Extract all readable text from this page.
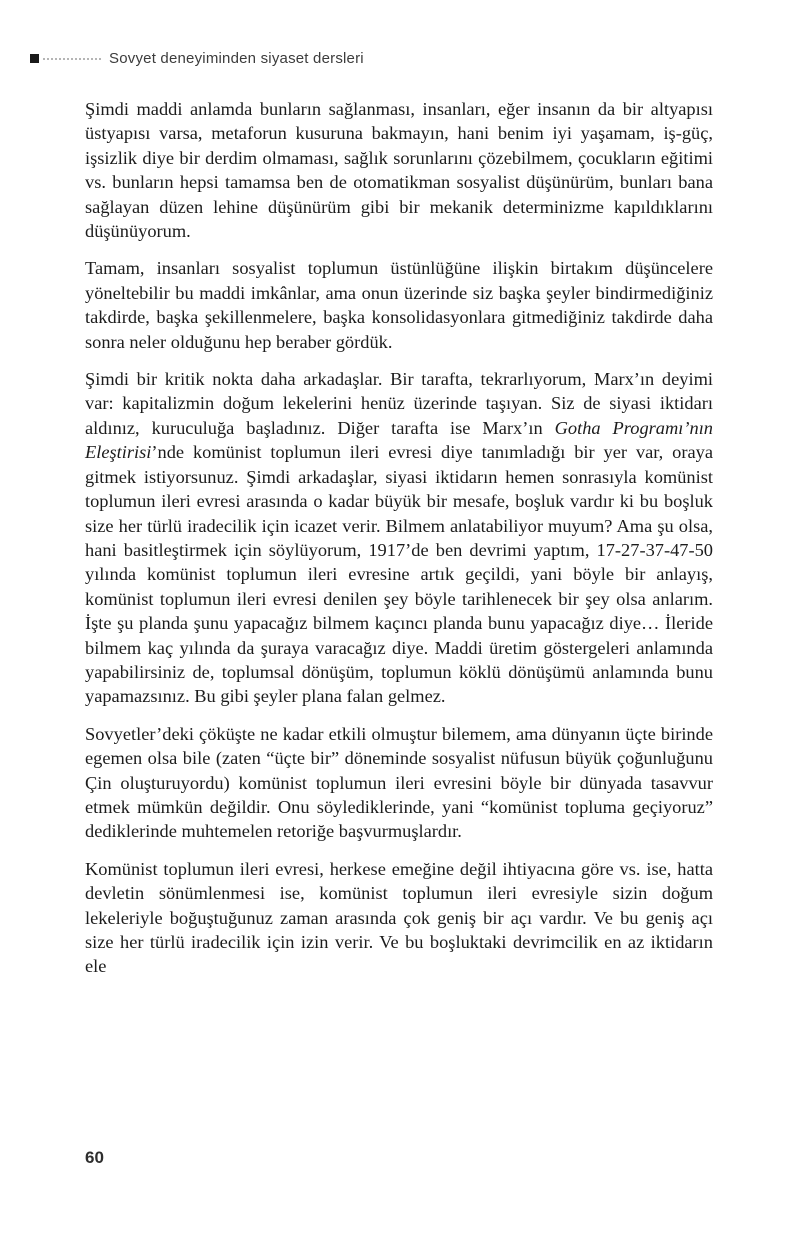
Sovyet deneyiminden siyaset dersleri

Şimdi maddi anlamda bunların sağlanması, insanları, eğer insanın da bir altyapısı üstyapısı varsa, metaforun kusuruna bakmayın, hani benim iyi yaşamam, iş-güç, işsizlik diye bir derdim olmaması, sağlık sorunlarını çözebilmem, çocukların eğitimi vs. bunların hepsi tamamsa ben de otomatikman sosyalist düşünürüm, bunları bana sağlayan düzen lehine düşünürüm gibi bir mekanik determinizme kapıldıklarını düşünüyorum.

Tamam, insanları sosyalist toplumun üstünlüğüne ilişkin birtakım düşüncelere yöneltebilir bu maddi imkânlar, ama onun üzerinde siz başka şeyler bindirmediğiniz takdirde, başka şekillenmelere, başka konsolidasyonlara gitmediğiniz takdirde daha sonra neler olduğunu hep beraber gördük.

Şimdi bir kritik nokta daha arkadaşlar. Bir tarafta, tekrarlıyorum, Marx’ın deyimi var: kapitalizmin doğum lekelerini henüz üzerinde taşıyan. Siz de siyasi iktidarı aldınız, kuruculuğa başladınız. Diğer tarafta ise Marx’ın Gotha Programı’nın Eleştirisi’nde komünist toplumun ileri evresi diye tanımladığı bir yer var, oraya gitmek istiyorsunuz. Şimdi arkadaşlar, siyasi iktidarın hemen sonrasıyla komünist toplumun ileri evresi arasında o kadar büyük bir mesafe, boşluk vardır ki bu boşluk size her türlü iradecilik için icazet verir. Bilmem anlatabiliyor muyum? Ama şu olsa, hani basitleştirmek için söylüyorum, 1917’de ben devrimi yaptım, 17-27-37-47-50 yılında komünist toplumun ileri evresine artık geçildi, yani böyle bir anlayış, komünist toplumun ileri evresi denilen şey böyle tarihlenecek bir şey olsa anlarım. İşte şu planda şunu yapacağız bilmem kaçıncı planda bunu yapacağız diye… İleride bilmem kaç yılında da şuraya varacağız diye. Maddi üretim göstergeleri anlamında yapabilirsiniz de, toplumsal dönüşüm, toplumun köklü dönüşümü anlamında bunu yapamazsınız. Bu gibi şeyler plana falan gelmez.

Sovyetler’deki çöküşte ne kadar etkili olmuştur bilemem, ama dünyanın üçte birinde egemen olsa bile (zaten “üçte bir” döneminde sosyalist nüfusun büyük çoğunluğunu Çin oluşturuyordu) komünist toplumun ileri evresini böyle bir dünyada tasavvur etmek mümkün değildir. Onu söylediklerinde, yani “komünist topluma geçiyoruz” dediklerinde muhtemelen retoriğe başvurmuşlardır.

Komünist toplumun ileri evresi, herkese emeğine değil ihtiyacına göre vs. ise, hatta devletin sönümlenmesi ise, komünist toplumun ileri evresiyle sizin doğum lekeleriyle boğuştuğunuz zaman arasında çok geniş bir açı vardır. Ve bu geniş açı size her türlü iradecilik için izin verir. Ve bu boşluktaki devrimcilik en az iktidarın ele

60
